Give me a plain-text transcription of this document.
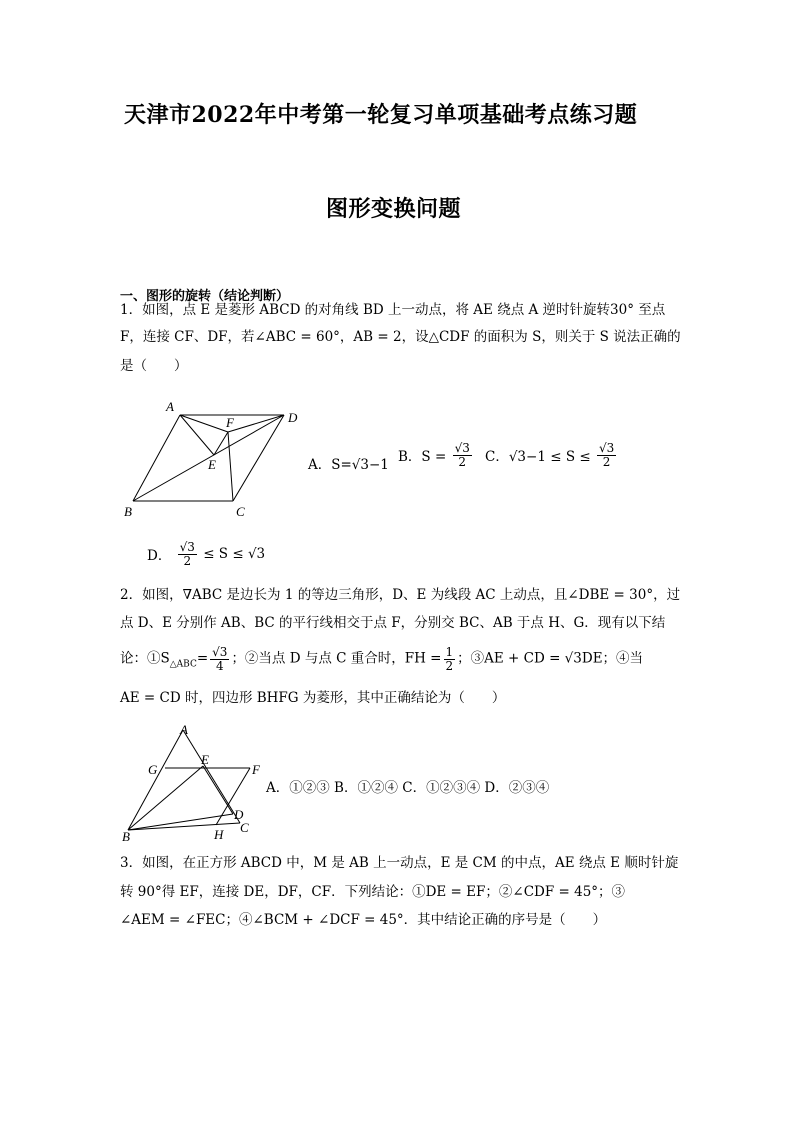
天津市2022年中考第一轮复习单项基础考点练习题
图形变换问题
一、图形的旋转（结论判断）
1．如图，点 E 是菱形 ABCD 的对角线 BD 上一动点，将 AE 绕点 A 逆时针旋转30° 至点
F，连接 CF、DF，若∠ABC = 60°，AB = 2，设△CDF 的面积为 S，则关于 S 说法正确的
是（　　）
A
D
F
E
B	C
A．S=√3−1 B．$S = \frac{√3}{2}$ C．$√3-1 \le S \le \frac{√3}{2}$
D． $\frac{√3}{2} \le S \le √3$
2．如图，∇ABC 是边长为 1 的等边三角形，D、E 为线段 AC 上动点，且∠DBE = 30°，过
点 D、E 分别作 AB、BC 的平行线相交于点 F，分别交 BC、AB 于点 H、G．现有以下结
论：$①S_{\triangle ABC}= \frac{√3}{4}$ ；②当点 D 与点 C 重合时，FH = $\frac{1}{2}$ ；③AE + CD = √3DE；④当
AE = CD 时，四边形 BHFG 为菱形，其中正确结论为（　　）
A
G
E
F
D
C
H
B
A．①②③ B．①②④ C．①②③④ D．②③④
3．如图，在正方形 ABCD 中，M 是 AB 上一动点，E 是 CM 的中点，AE 绕点 E 顺时针旋
转 90°得 EF，连接 DE，DF，CF．下列结论：①DE = EF；②∠CDF = 45°；③
∠AEM = ∠FEC；④∠BCM + ∠DCF = 45°．其中结论正确的序号是（　　）
